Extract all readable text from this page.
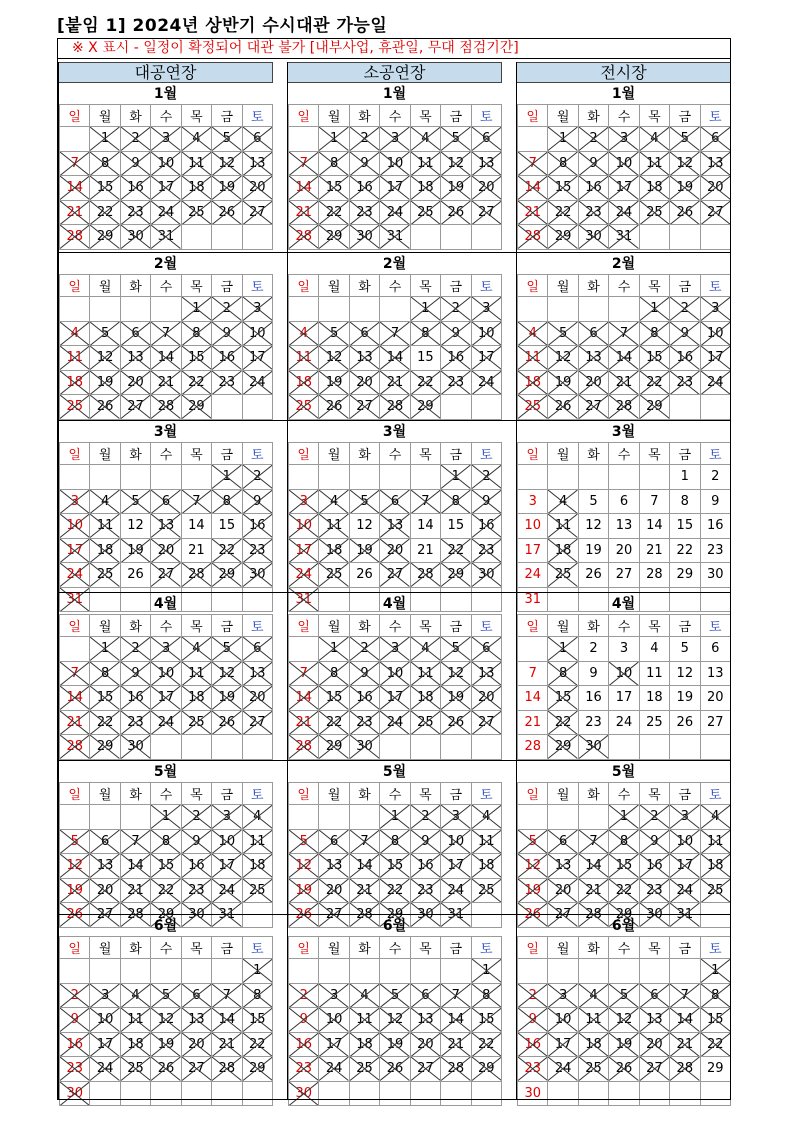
[붙임 1] 2024년 상반기 수시대관 가능일
※ X 표시 - 일정이 확정되어 대관 불가 [내부사업, 휴관일, 무대 점검기간]
대공연장
1월
일	월	화	수	목	금	토
	1	2	3	4	5	6

7	8	9	10	11	12	13

14	15	16	17	18	19	20

21	22	23	24	25	26	27

28	29	30	31

2월
일	월	화	수	목	금	토
				1	2	3

4	5	6	7	8	9	10

11	12	13	14	15	16	17

18	19	20	21	22	23	24

25	26	27	28	29

3월
일	월	화	수	목	금	토
					1	2

3	4	5	6	7	8	9

10	11	12	13	14	15	16

17	18	19	20	21	22	23

24	25	26	27	28	29	30

31
							4월
일	월	화	수	목	금	토
	1	2	3	4	5	6

7	8	9	10	11	12	13

14	15	16	17	18	19	20

21	22	23	24	25	26	27

28	29	30

5월
일	월	화	수	목	금	토
			1	2	3	4

5	6	7	8	9	10	11

12	13	14	15	16	17	18

19	20	21	22	23	24	25

26	27	28	29	30	31

6월
일	월	화	수	목	금	토
						1

2	3	4	5	6	7	8

9	10	11	12	13	14	15

16	17	18	19	20	21	22

23	24	25	26	27	28	29

30

소공연장
1월
일	월	화	수	목	금	토
	1	2	3	4	5	6

7	8	9	10	11	12	13

14	15	16	17	18	19	20

21	22	23	24	25	26	27

28	29	30	31

2월
일	월	화	수	목	금	토
				1	2	3

4	5	6	7	8	9	10

11	12	13	14	15	16	17

18	19	20	21	22	23	24

25	26	27	28	29

3월
일	월	화	수	목	금	토
					1	2

3	4	5	6	7	8	9

10	11	12	13	14	15	16

17	18	19	20	21	22	23

24	25	26	27	28	29	30

31
							4월
일	월	화	수	목	금	토
	1	2	3	4	5	6

7	8	9	10	11	12	13

14	15	16	17	18	19	20

21	22	23	24	25	26	27

28	29	30

5월
일	월	화	수	목	금	토
			1	2	3	4

5	6	7	8	9	10	11

12	13	14	15	16	17	18

19	20	21	22	23	24	25

26	27	28	29	30	31

6월
일	월	화	수	목	금	토
						1

2	3	4	5	6	7	8

9	10	11	12	13	14	15

16	17	18	19	20	21	22

23	24	25	26	27	28	29

30

전시장
1월
일	월	화	수	목	금	토
	1	2	3	4	5	6

7	8	9	10	11	12	13

14	15	16	17	18	19	20

21	22	23	24	25	26	27

28	29	30	31

2월
일	월	화	수	목	금	토
				1	2	3

4	5	6	7	8	9	10

11	12	13	14	15	16	17

18	19	20	21	22	23	24

25	26	27	28	29

3월
일	월	화	수	목	금	토
					1	2
3	4	5	6	7	8	9
10	11	12	13	14	15	16
17	18	19	20	21	22	23
24	25	26	27	28	29	30
31							4월
일	월	화	수	목	금	토
	1	2	3	4	5	6
7	8	9	10	11	12	13
14	15	16	17	18	19	20
21	22	23	24	25	26	27
28	29	30

5월
일	월	화	수	목	금	토
			1	2	3	4

5	6	7	8	9	10	11

12	13	14	15	16	17	18

19	20	21	22	23	24	25

26	27	28	29	30	31

6월
일	월	화	수	목	금	토
						1

2	3	4	5	6	7	8

9	10	11	12	13	14	15

16	17	18	19	20	21	22

23	24	25	26	27	28	29
30						
